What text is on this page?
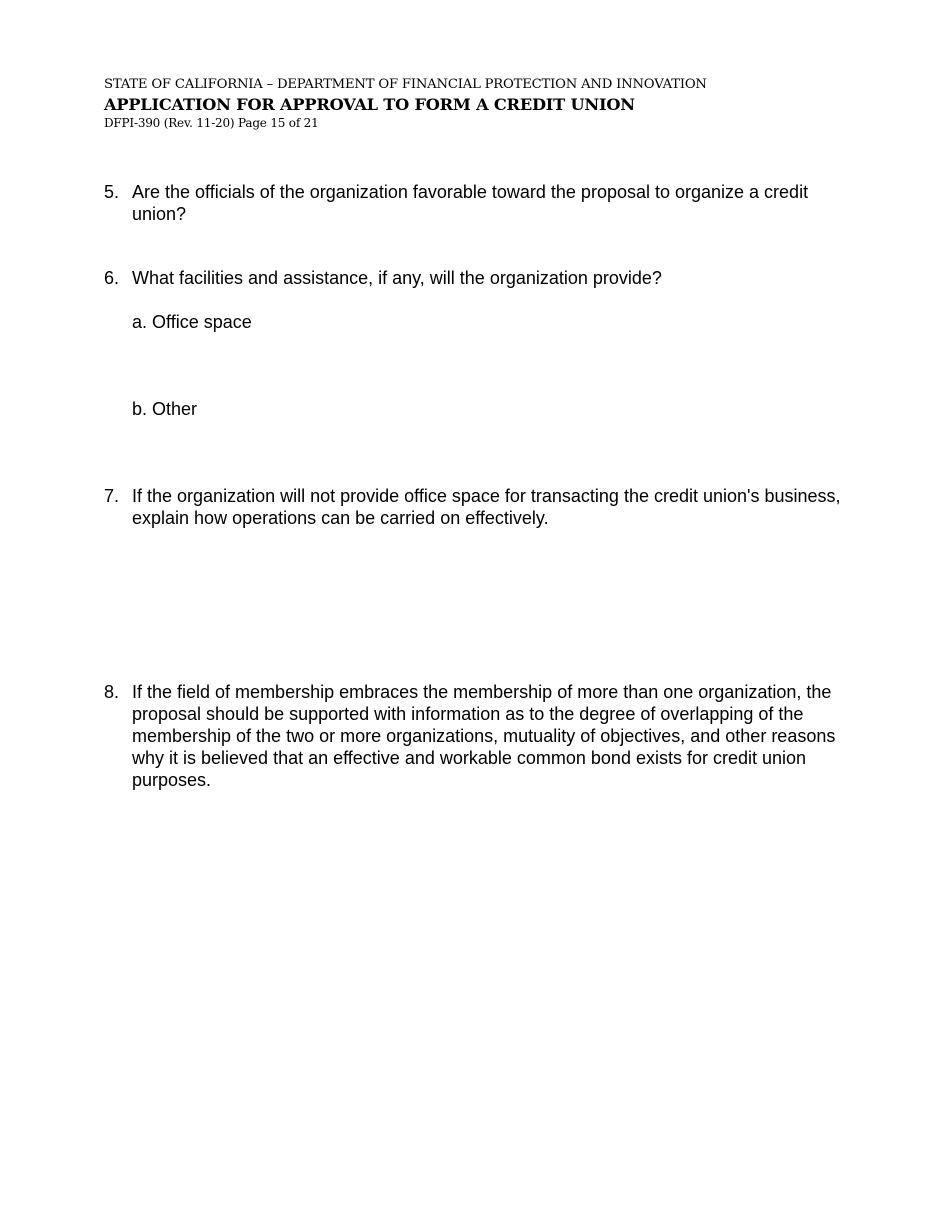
STATE OF CALIFORNIA – DEPARTMENT OF FINANCIAL PROTECTION AND INNOVATION
APPLICATION FOR APPROVAL TO FORM A CREDIT UNION
DFPI-390 (Rev. 11-20) Page 15 of 21
5. Are the officials of the organization favorable toward the proposal to organize a credit union?
6. What facilities and assistance, if any, will the organization provide?
a. Office space
b. Other
7. If the organization will not provide office space for transacting the credit union's business, explain how operations can be carried on effectively.
8. If the field of membership embraces the membership of more than one organization, the proposal should be supported with information as to the degree of overlapping of the membership of the two or more organizations, mutuality of objectives, and other reasons why it is believed that an effective and workable common bond exists for credit union purposes.
